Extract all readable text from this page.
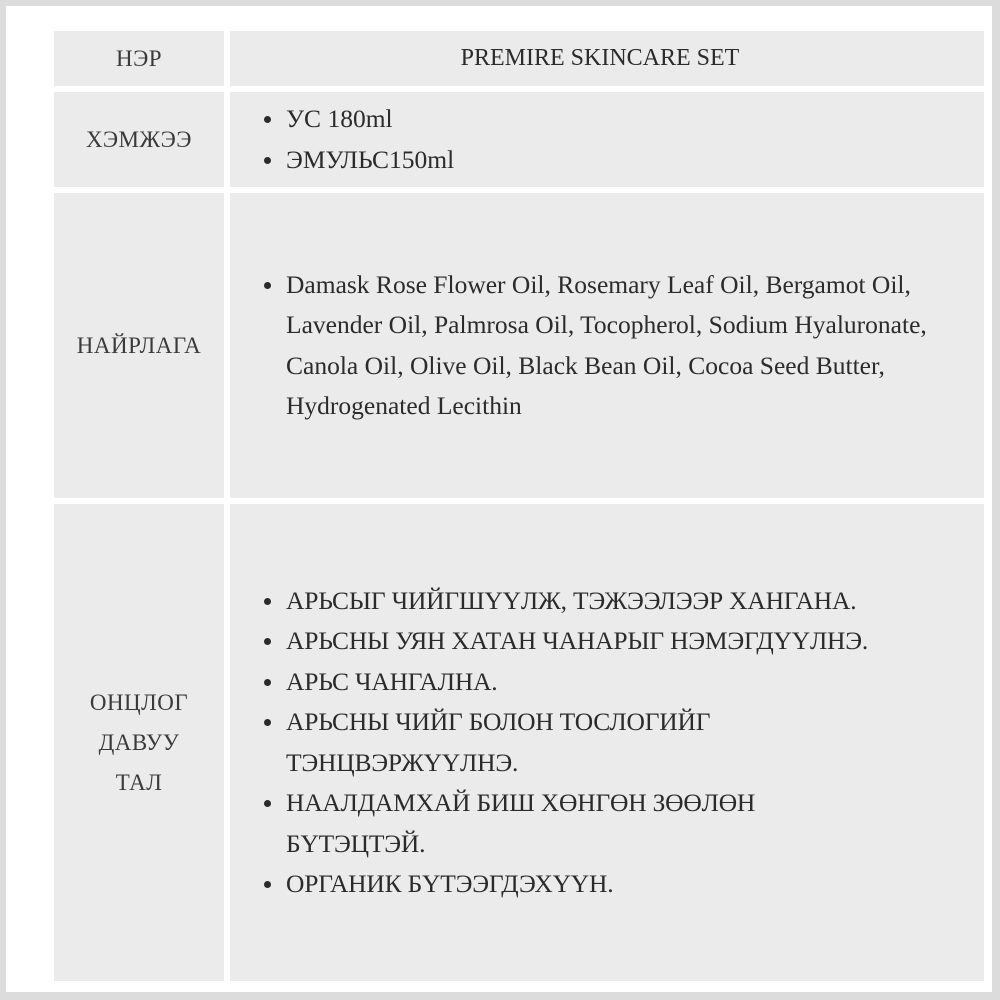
НЭР	PREMIRE SKINCARE SET
ХЭМЖЭЭ
УС 180ml
ЭМУЛЬС150ml
НАЙРЛАГА
Damask Rose Flower Oil, Rosemary Leaf Oil, Bergamot Oil, Lavender Oil, Palmrosa Oil, Tocopherol, Sodium Hyaluronate, Canola Oil, Olive Oil, Black Bean Oil, Cocoa Seed Butter, Hydrogenated Lecithin
ОНЦЛОГ
ДАВУУ
ТАЛ
АРЬСЫГ ЧИЙГШҮҮЛЖ, ТЭЖЭЭЛЭЭР ХАНГАНА.
АРЬСНЫ УЯН ХАТАН ЧАНАРЫГ НЭМЭГДҮҮЛНЭ.
АРЬС ЧАНГАЛНА.
АРЬСНЫ ЧИЙГ БОЛОН ТОСЛОГИЙГ ТЭНЦВЭРЖҮҮЛНЭ.
НААЛДАМХАЙ БИШ ХӨНГӨН ЗӨӨЛӨН БҮТЭЦТЭЙ.
ОРГАНИК БҮТЭЭГДЭХҮҮН.
